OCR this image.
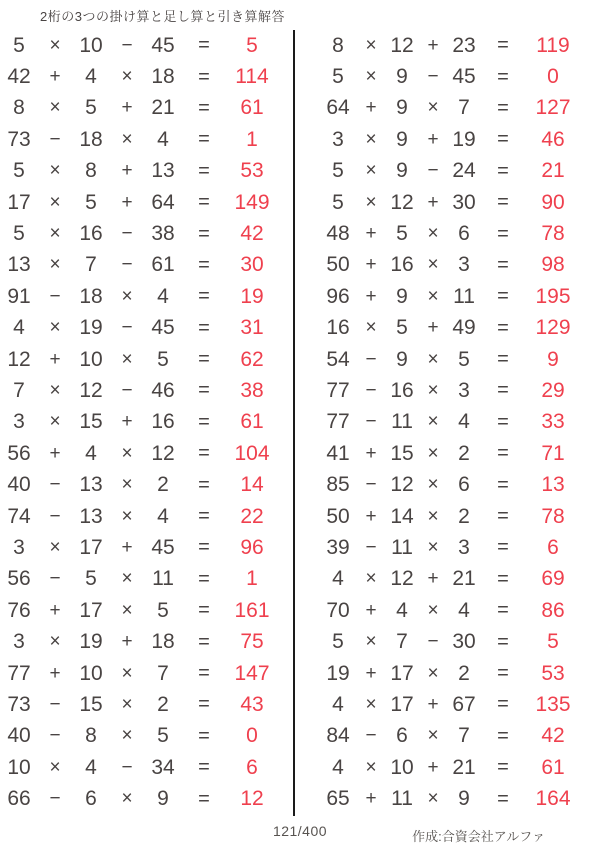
2桁の3つの掛け算と足し算と引き算解答
5	× 10 − 45	=	5
42 +	4	× 18	=	114
8	×	5	+ 21	=	61
73 − 18 ×	4	=	1
5	×	8	+ 13	=	53
17 ×	5	+ 64	=	149
5	× 16 − 38	=	42
13 ×	7	− 61	=	30
91 − 18 ×	4	=	19
4	× 19 − 45	=	31
12 + 10 ×	5	=	62
7	× 12 − 46	=	38
3	× 15 + 16	=	61
56 +	4	× 12	=	104
40 − 13 ×	2	=	14
74 − 13 ×	4	=	22
3	× 17 + 45	=	96
56 −	5	× 11	=	1
76 + 17 ×	5	=	161
3	× 19 + 18	=	75
77 + 10 ×	7	=	147
73 − 15 ×	2	=	43
40 −	8	×	5	=	0
10 ×	4	− 34	=	6
66 −	6	×	9	=	12
8	× 12 + 23	=	119
5	× 9	− 45	=	0
64 + 9	× 7	=	127
3	× 9	+ 19	=	46
5	× 9	− 24	=	21
5	× 12 + 30	=	90
48 + 5	× 6	=	78
50 + 16 × 3	=	98
96 + 9	× 11	=	195
16 × 5	+ 49	=	129
54 − 9	× 5	=	9
77 − 16 × 3	=	29
77 − 11 × 4	=	33
41 + 15 × 2	=	71
85 − 12 × 6	=	13
50 + 14 × 2	=	78
39 − 11 × 3	=	6
4	× 12 + 21	=	69
70 + 4	× 4	=	86
5	× 7	− 30	=	5
19 + 17 × 2	=	53
4	× 17 + 67	=	135
84 − 6	× 7	=	42
4	× 10 + 21	=	61
65 + 11 × 9	=	164
121/400	作成:合資会社アルファ
